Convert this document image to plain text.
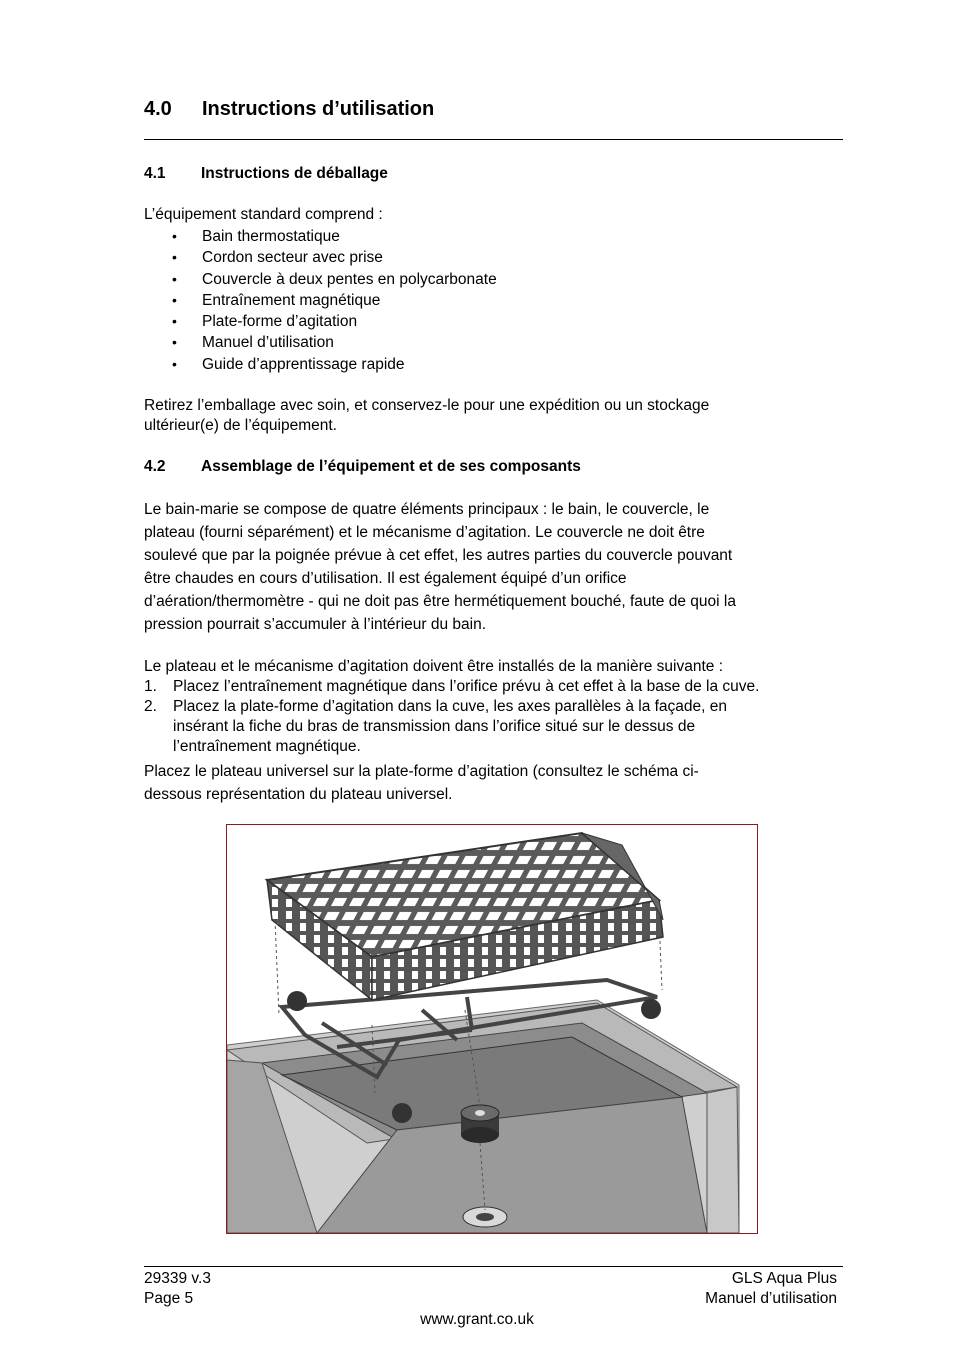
4.0 Instructions d’utilisation
4.1 Instructions de déballage
L’équipement standard comprend :
• Bain thermostatique
• Cordon secteur avec prise
• Couvercle à deux pentes en polycarbonate
• Entraînement magnétique
• Plate-forme d’agitation
• Manuel d’utilisation
• Guide d’apprentissage rapide
Retirez l’emballage avec soin, et conservez-le pour une expédition ou un stockage
ultérieur(e) de l’équipement.
4.2 Assemblage de l’équipement et de ses composants
Le bain-marie se compose de quatre éléments principaux : le bain, le couvercle, le
plateau (fourni séparément) et le mécanisme d’agitation. Le couvercle ne doit être
soulevé que par la poignée prévue à cet effet, les autres parties du couvercle pouvant
être chaudes en cours d’utilisation. Il est également équipé d’un orifice
d’aération/thermomètre - qui ne doit pas être hermétiquement bouché, faute de quoi la
pression pourrait s’accumuler à l’intérieur du bain.
Le plateau et le mécanisme d’agitation doivent être installés de la manière suivante :
1. Placez l’entraînement magnétique dans l’orifice prévu à cet effet à la base de la cuve.
2. Placez la plate-forme d’agitation dans la cuve, les axes parallèles à la façade, en
insérant la fiche du bras de transmission dans l’orifice situé sur le dessus de
l’entraînement magnétique.
Placez le plateau universel sur la plate-forme d’agitation (consultez le schéma ci-
dessous représentation du plateau universel.
29339 v.3
Page 5
GLS Aqua Plus
Manuel d’utilisation
www.grant.co.uk
